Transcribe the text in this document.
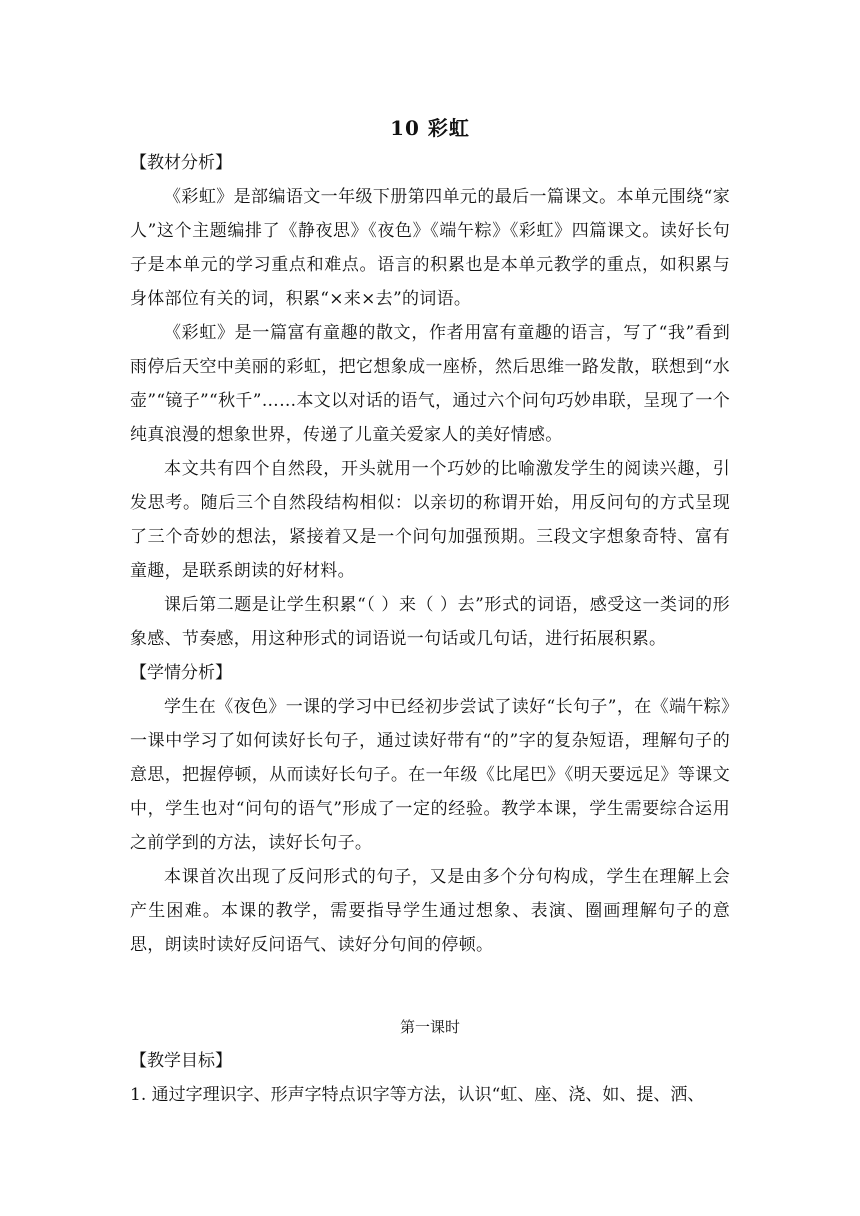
10 彩虹

【教材分析】

《彩虹》是部编语文一年级下册第四单元的最后一篇课文。本单元围绕“家人”这个主题编排了《静夜思》《夜色》《端午粽》《彩虹》四篇课文。读好长句子是本单元的学习重点和难点。语言的积累也是本单元教学的重点，如积累与身体部位有关的词，积累“×来×去”的词语。

《彩虹》是一篇富有童趣的散文，作者用富有童趣的语言，写了“我”看到雨停后天空中美丽的彩虹，把它想象成一座桥，然后思维一路发散，联想到“水壶”“镜子”“秋千”……本文以对话的语气，通过六个问句巧妙串联，呈现了一个纯真浪漫的想象世界，传递了儿童关爱家人的美好情感。

本文共有四个自然段，开头就用一个巧妙的比喻激发学生的阅读兴趣，引发思考。随后三个自然段结构相似：以亲切的称谓开始，用反问句的方式呈现了三个奇妙的想法，紧接着又是一个问句加强预期。三段文字想象奇特、富有童趣，是联系朗读的好材料。

课后第二题是让学生积累“（ ）来（ ）去”形式的词语，感受这一类词的形象感、节奏感，用这种形式的词语说一句话或几句话，进行拓展积累。

【学情分析】

学生在《夜色》一课的学习中已经初步尝试了读好“长句子”，在《端午粽》一课中学习了如何读好长句子，通过读好带有“的”字的复杂短语，理解句子的意思，把握停顿，从而读好长句子。在一年级《比尾巴》《明天要远足》等课文中，学生也对“问句的语气”形成了一定的经验。教学本课，学生需要综合运用之前学到的方法，读好长句子。

本课首次出现了反问形式的句子，又是由多个分句构成，学生在理解上会产生困难。本课的教学，需要指导学生通过想象、表演、圈画理解句子的意思，朗读时读好反问语气、读好分句间的停顿。

第一课时

【教学目标】

1. 通过字理识字、形声字特点识字等方法，认识“虹、座、浇、如、提、洒、
